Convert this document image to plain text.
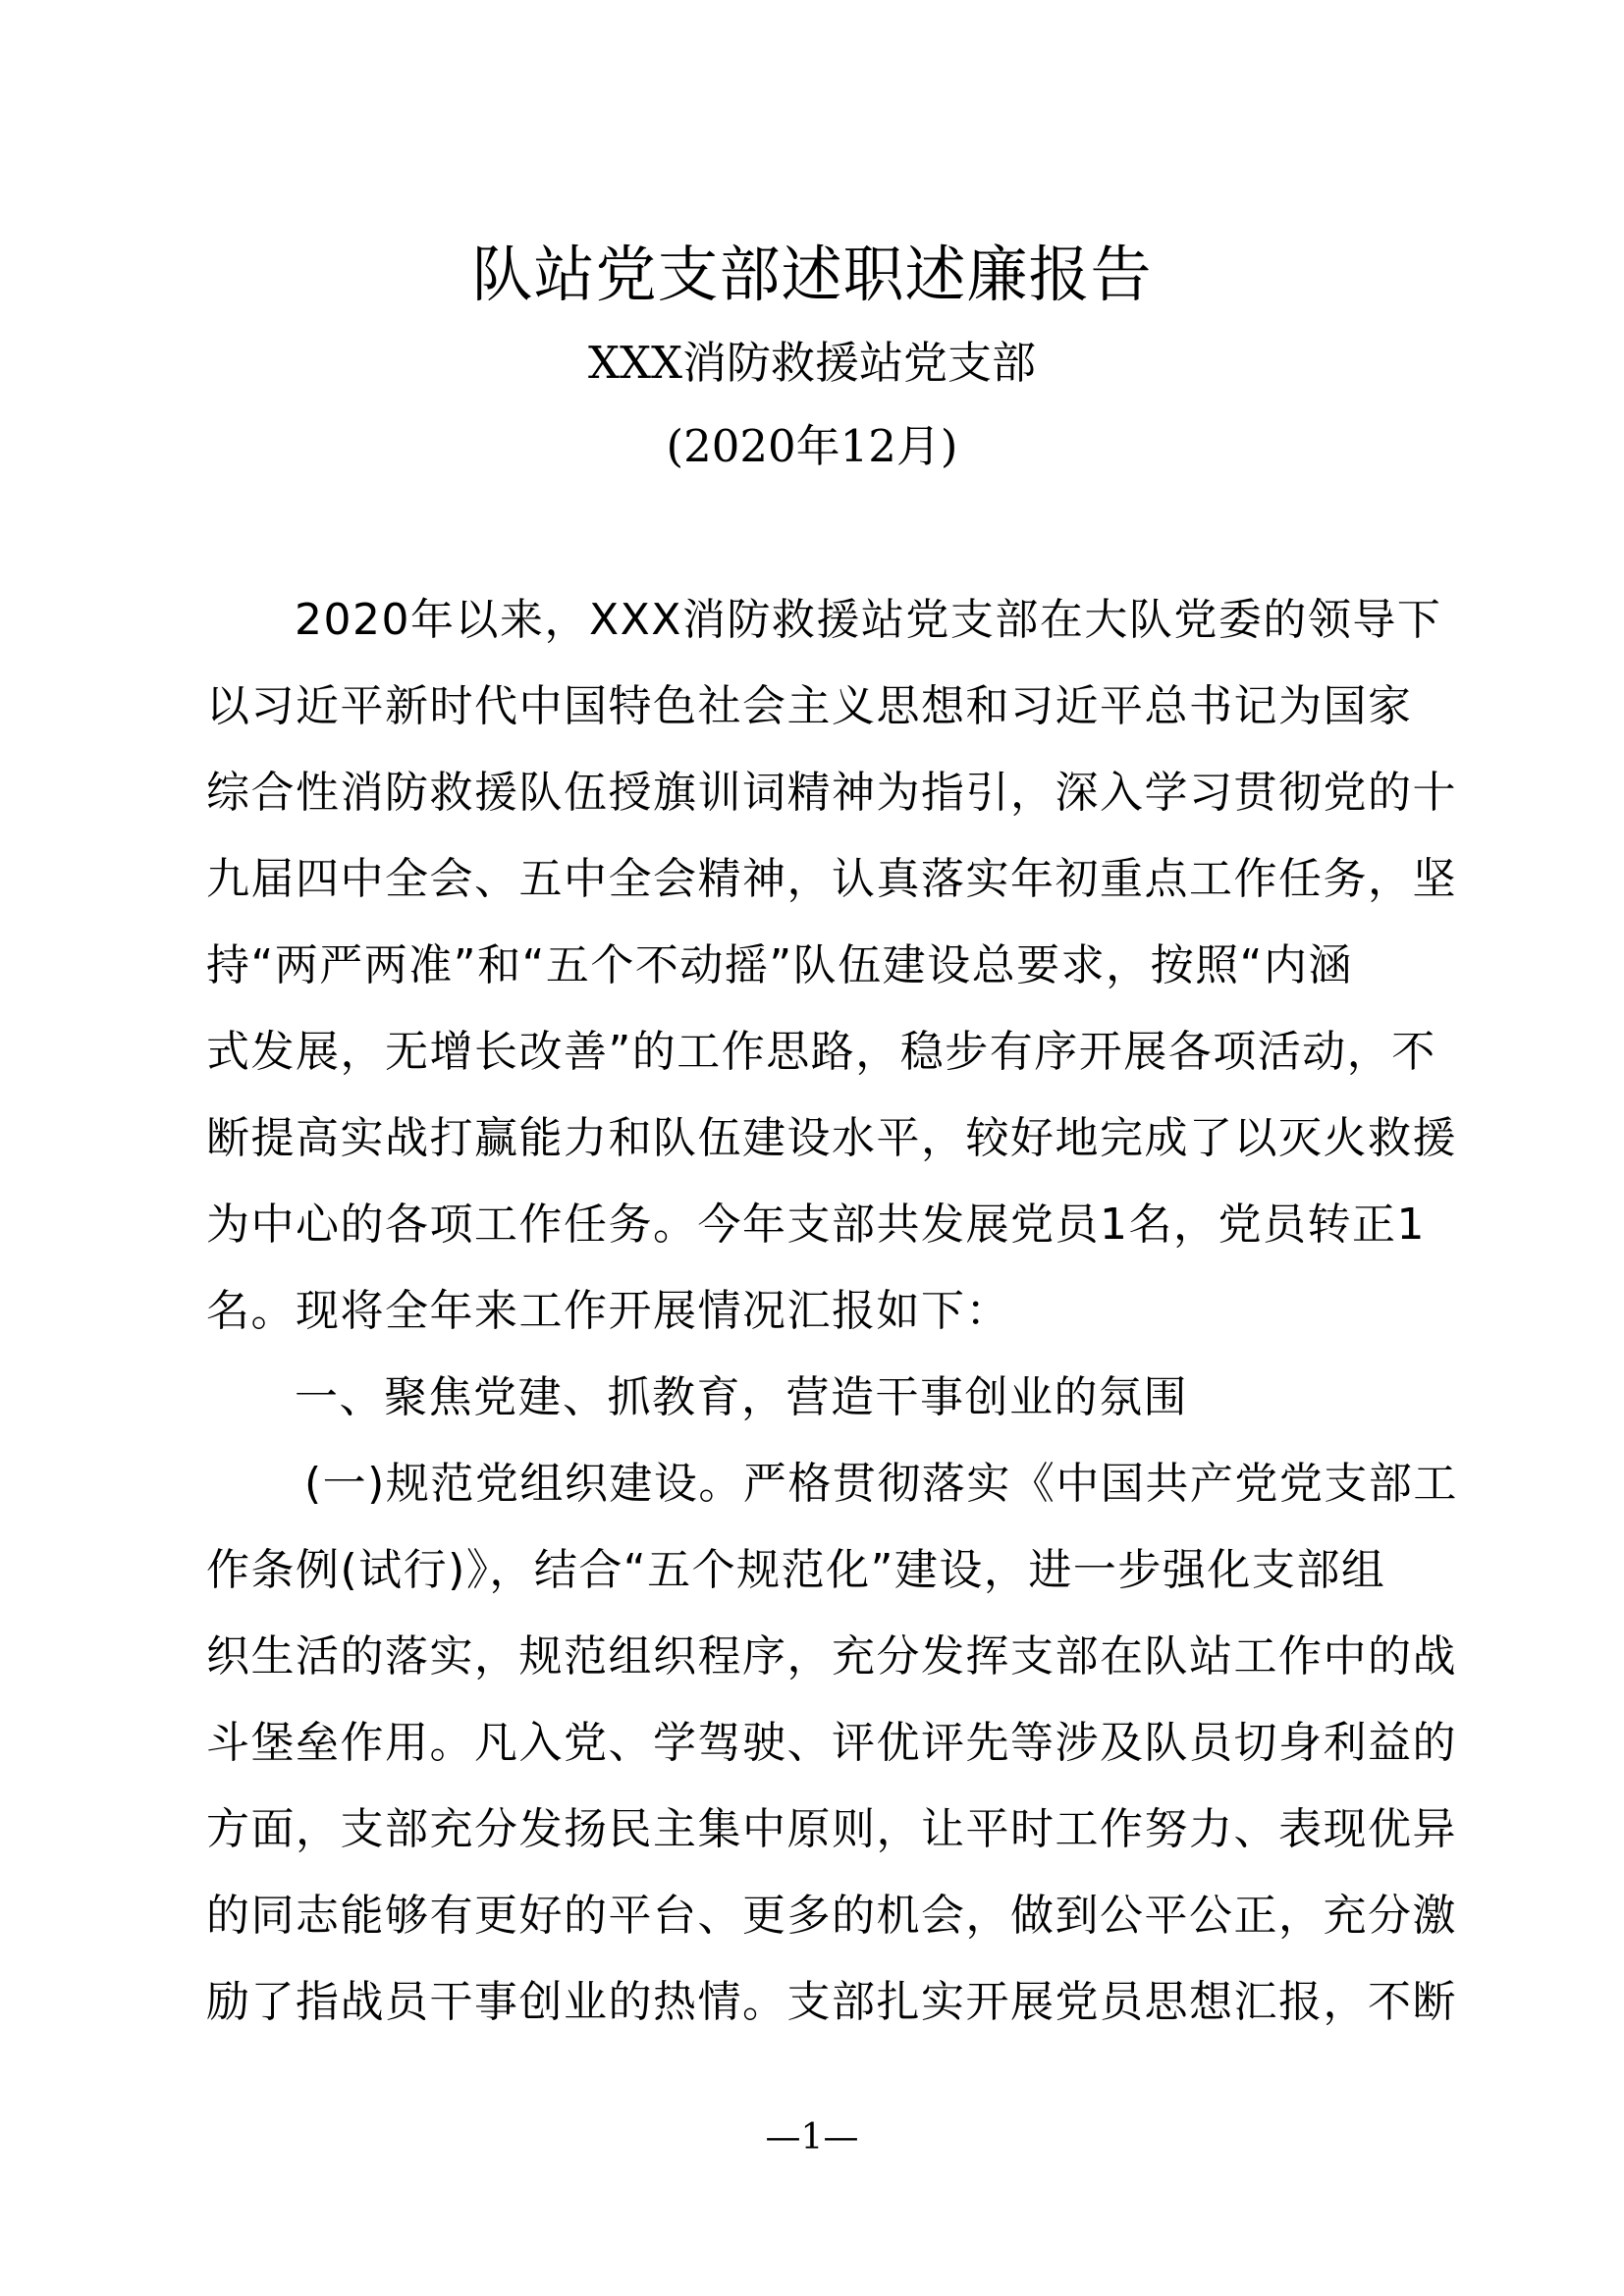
队站党支部述职述廉报告
XXX消防救援站党支部
(2020年12月)
2020年以来，XXX消防救援站党支部在大队党委的领导下
以习近平新时代中国特色社会主义思想和习近平总书记为国家
综合性消防救援队伍授旗训词精神为指引，深入学习贯彻党的十
九届四中全会、五中全会精神，认真落实年初重点工作任务，坚
持“两严两准”和“五个不动摇”队伍建设总要求，按照“内涵
式发展，无增长改善”的工作思路，稳步有序开展各项活动，不
断提高实战打赢能力和队伍建设水平，较好地完成了以灭火救援
为中心的各项工作任务。今年支部共发展党员1名，党员转正1
名。现将全年来工作开展情况汇报如下：
一、聚焦党建、抓教育，营造干事创业的氛围
(一)规范党组织建设。严格贯彻落实《中国共产党党支部工
作条例(试行)》，结合“五个规范化”建设，进一步强化支部组
织生活的落实，规范组织程序，充分发挥支部在队站工作中的战
斗堡垒作用。凡入党、学驾驶、评优评先等涉及队员切身利益的
方面，支部充分发扬民主集中原则，让平时工作努力、表现优异
的同志能够有更好的平台、更多的机会，做到公平公正，充分激
励了指战员干事创业的热情。支部扎实开展党员思想汇报，不断
—1—
